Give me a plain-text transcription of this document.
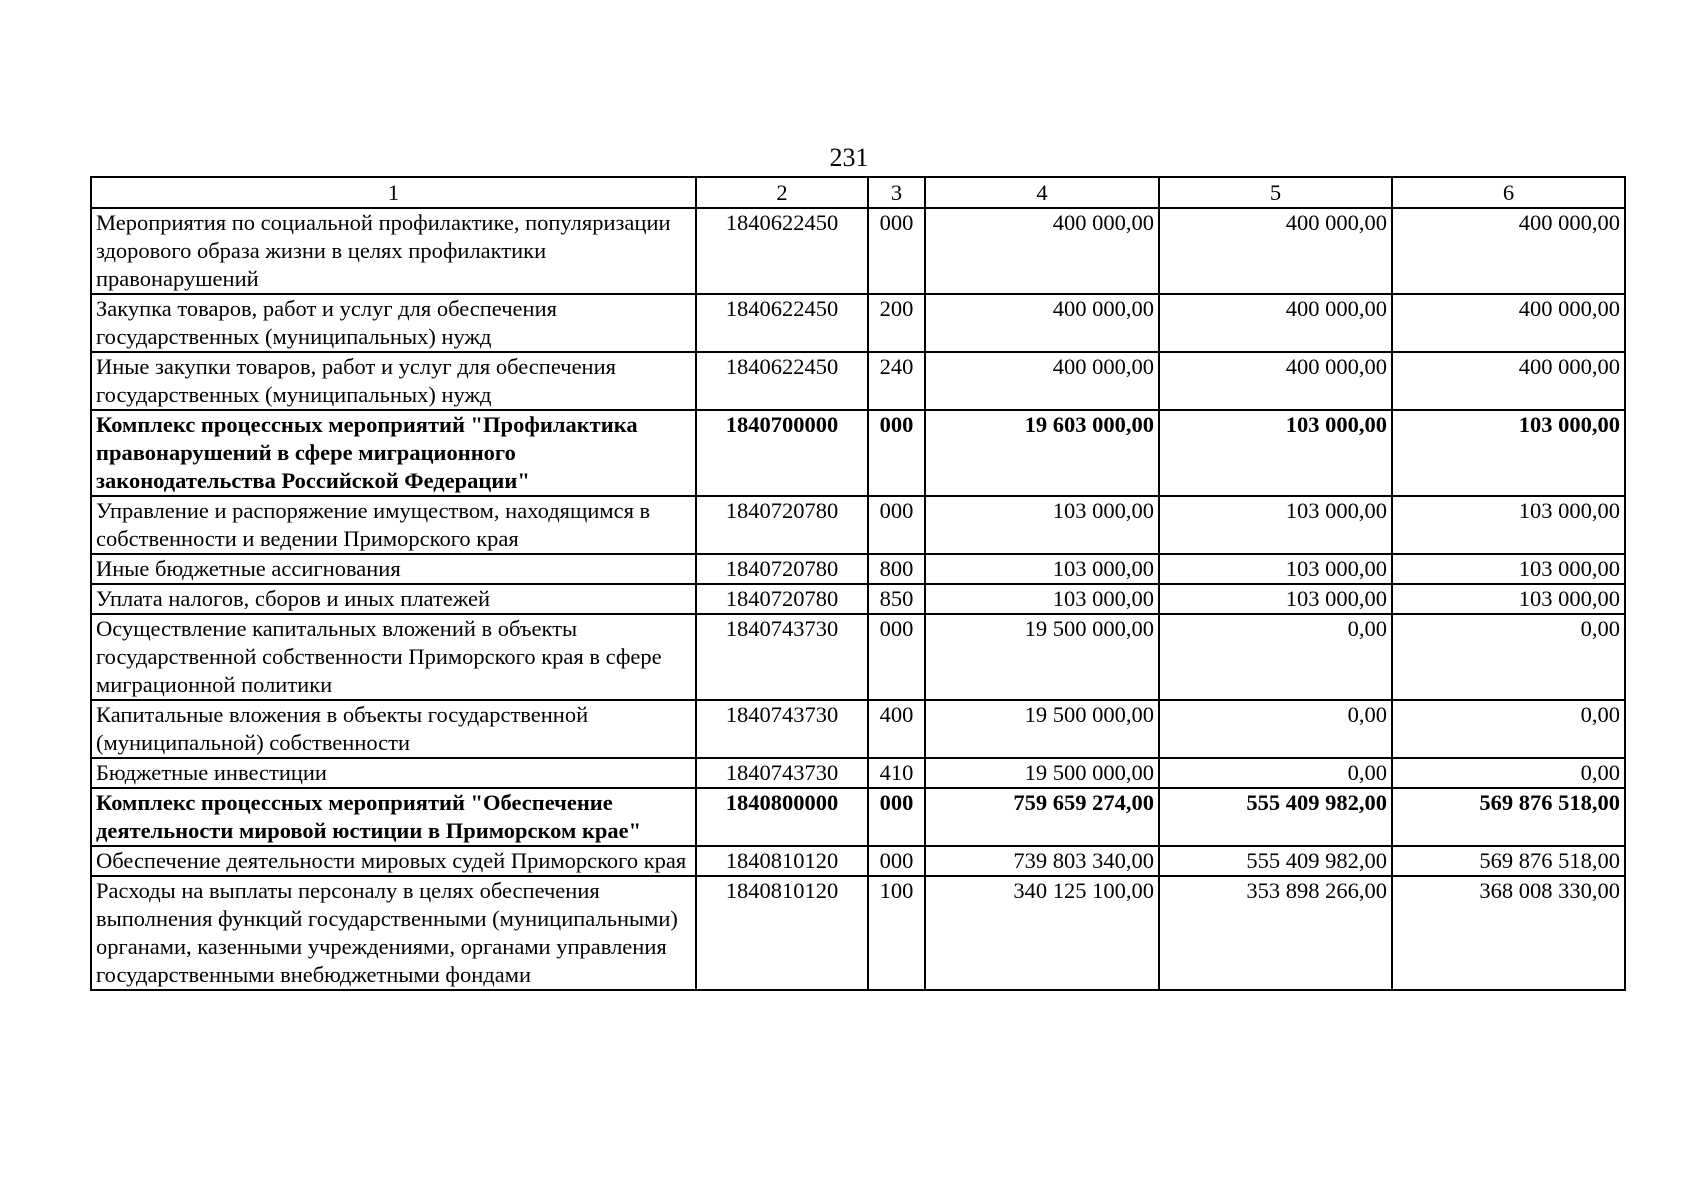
231
1	2	3	4	5	6
Мероприятия по социальной профилактике, популяризации здорового образа жизни в целях профилактики правонарушений	1840622450	000	400 000,00	400 000,00	400 000,00
Закупка товаров, работ и услуг для обеспечения государственных (муниципальных) нужд	1840622450	200	400 000,00	400 000,00	400 000,00
Иные закупки товаров, работ и услуг для обеспечения государственных (муниципальных) нужд	1840622450	240	400 000,00	400 000,00	400 000,00
Комплекс процессных мероприятий "Профилактика правонарушений в сфере миграционного законодательства Российской Федерации"	1840700000	000	19 603 000,00	103 000,00	103 000,00
Управление и распоряжение имуществом, находящимся в собственности и ведении Приморского края	1840720780	000	103 000,00	103 000,00	103 000,00
Иные бюджетные ассигнования	1840720780	800	103 000,00	103 000,00	103 000,00
Уплата налогов, сборов и иных платежей	1840720780	850	103 000,00	103 000,00	103 000,00
Осуществление капитальных вложений в объекты государственной собственности Приморского края в сфере миграционной политики	1840743730	000	19 500 000,00	0,00	0,00
Капитальные вложения в объекты государственной (муниципальной) собственности	1840743730	400	19 500 000,00	0,00	0,00
Бюджетные инвестиции	1840743730	410	19 500 000,00	0,00	0,00
Комплекс процессных мероприятий "Обеспечение деятельности мировой юстиции в Приморском крае"	1840800000	000	759 659 274,00	555 409 982,00	569 876 518,00
Обеспечение деятельности мировых судей Приморского края	1840810120	000	739 803 340,00	555 409 982,00	569 876 518,00
Расходы на выплаты персоналу в целях обеспечения выполнения функций государственными (муниципальными) органами, казенными учреждениями, органами управления государственными внебюджетными фондами	1840810120	100	340 125 100,00	353 898 266,00	368 008 330,00
